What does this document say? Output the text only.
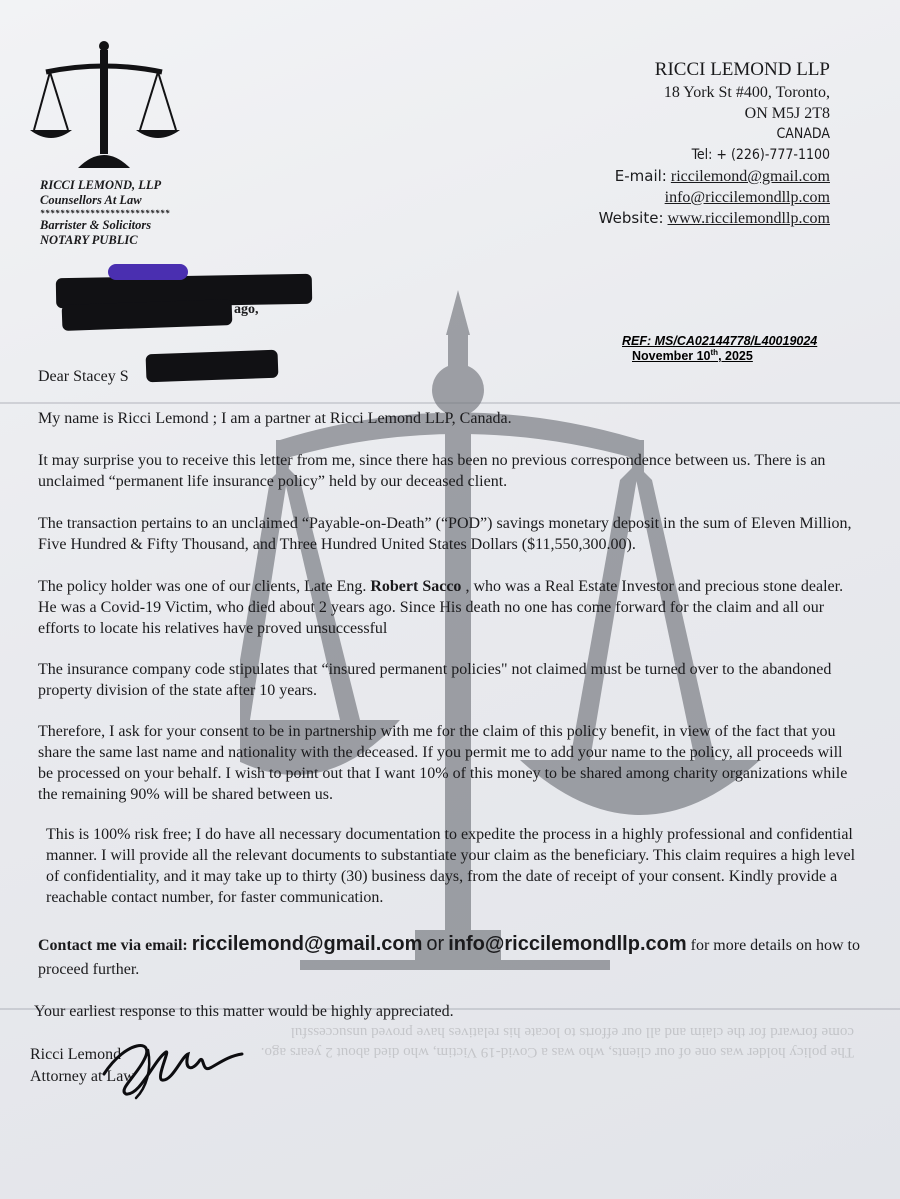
The policy holder was one of our clients, who was a Covid-19 Victim, who died about 2 years ago.
come forward for the claim and all our efforts to locate his relatives have proved unsuccessful
RICCI LEMOND, LLP
Counsellors At Law
**************************
Barrister & Solicitors
NOTARY PUBLIC
RICCI LEMOND LLP
18 York St #400, Toronto,
ON M5J 2T8
CANADA
Tel: + (226)-777-1100
E-mail: riccilemond@gmail.com
info@riccilemondllp.com
Website: www.riccilemondllp.com
ago,
REF: MS/CA02144778/L40019024
November 10th, 2025
Dear Stacey S

My name is Ricci Lemond ; I am a partner at Ricci Lemond LLP, Canada.

It may surprise you to receive this letter from me, since there has been no previous correspondence between us. There is an unclaimed “permanent life insurance policy” held by our deceased client.

The transaction pertains to an unclaimed “Payable-on-Death” (“POD”) savings monetary deposit in the sum of Eleven Million, Five Hundred & Fifty Thousand, and Three Hundred United States Dollars ($11,550,300.00).

The policy holder was one of our clients, Late Eng. Robert Sacco , who was a Real Estate Investor and precious stone dealer. He was a Covid-19 Victim, who died about 2 years ago. Since His death no one has come forward for the claim and all our efforts to locate his relatives have proved unsuccessful

The insurance company code stipulates that “insured permanent policies" not claimed must be turned over to the abandoned property division of the state after 10 years.

Therefore, I ask for your consent to be in partnership with me for the claim of this policy benefit, in view of the fact that you share the same last name and nationality with the deceased. If you permit me to add your name to the policy, all proceeds will be processed on your behalf. I wish to point out that I want 10% of this money to be shared among charity organizations while the remaining 90% will be shared between us.

This is 100% risk free; I do have all necessary documentation to expedite the process in a highly professional and confidential manner. I will provide all the relevant documents to substantiate your claim as the beneficiary. This claim requires a high level of confidentiality, and it may take up to thirty (30) business days, from the date of receipt of your consent. Kindly provide a reachable contact number, for faster communication.

Contact me via email: riccilemond@gmail.com or info@riccilemondllp.com for more details on how to proceed further.

Your earliest response to this matter would be highly appreciated.

Ricci Lemond
Attorney at Law
